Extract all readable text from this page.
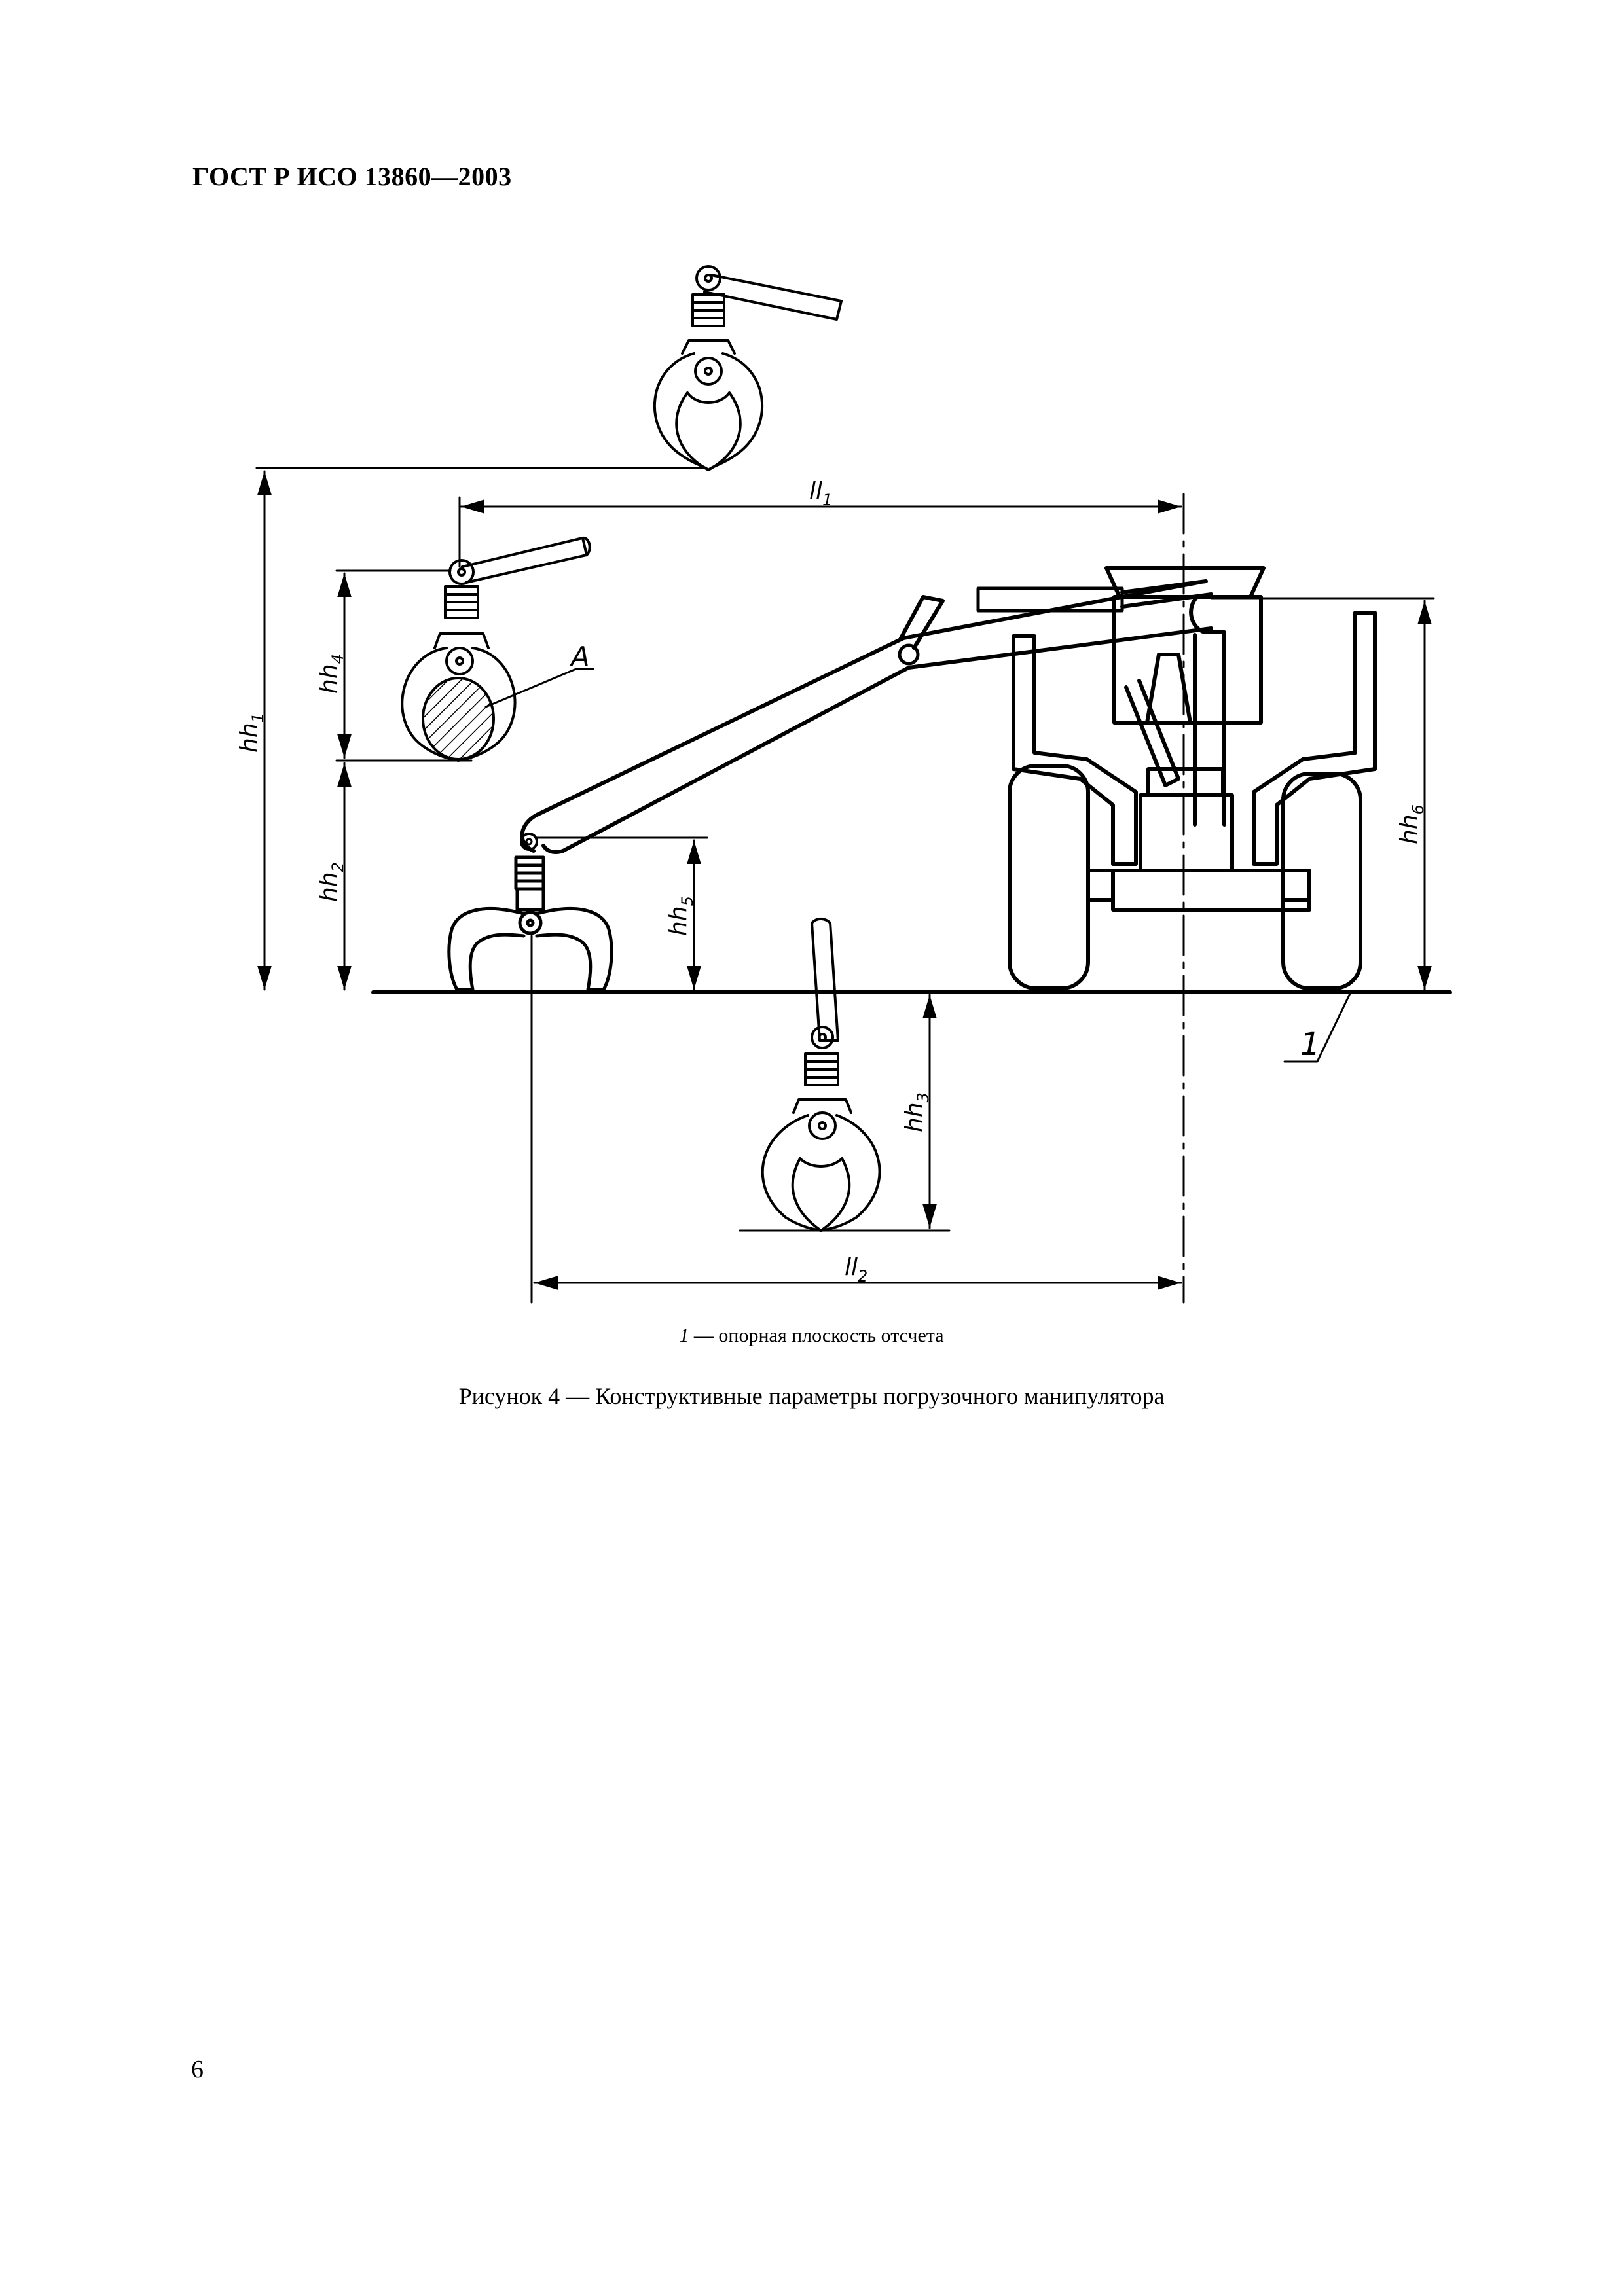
ГОСТ Р ИСО 13860—2003
$ll_1$
$ll_2$
$hh_1$
$hh_4$
$hh_2$
$hh_5$
$hh_3$
$hh_6$
A
1
1 — опорная плоскость отсчета
Рисунок 4 — Конструктивные параметры погрузочного манипулятора
6
